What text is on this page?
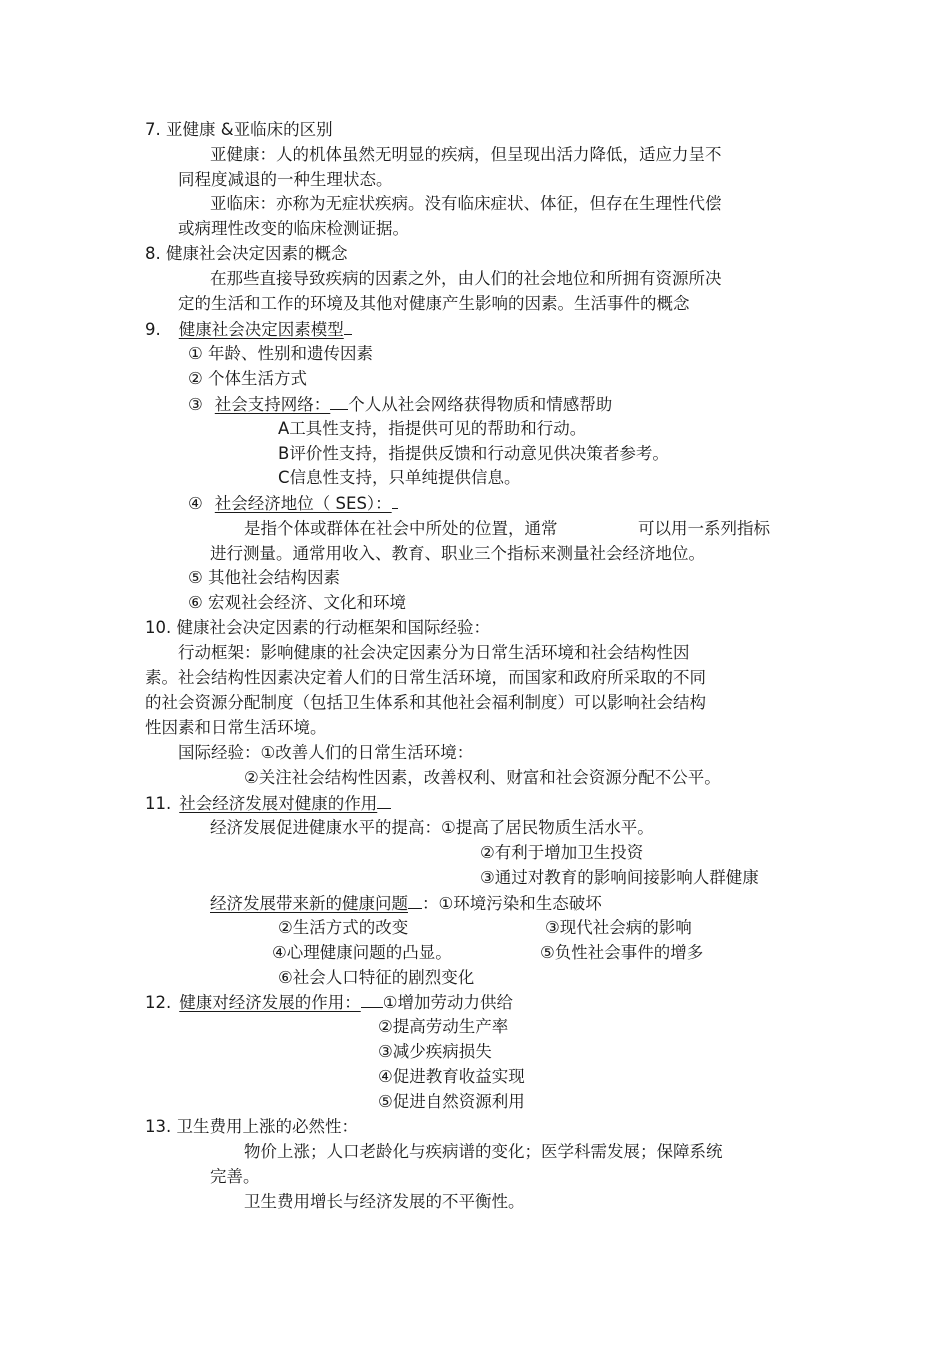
7. 亚健康 &亚临床的区别
亚健康：人的机体虽然无明显的疾病，但呈现出活力降低，适应力呈不
同程度减退的一种生理状态。
亚临床：亦称为无症状疾病。没有临床症状、体征，但存在生理性代偿
或病理性改变的临床检测证据。
8. 健康社会决定因素的概念
在那些直接导致疾病的因素之外，由人们的社会地位和所拥有资源所决
定的生活和工作的环境及其他对健康产生影响的因素。生活事件的概念
9. 健康社会决定因素模型
① 年龄、性别和遗传因素
② 个体生活方式
③ 社会支持网络： 个人从社会网络获得物质和情感帮助
A工具性支持，指提供可见的帮助和行动。
B评价性支持，指提供反馈和行动意见供决策者参考。
C信息性支持，只单纯提供信息。
④ 社会经济地位（ SES）：
是指个体或群体在社会中所处的位置，通常	可以用一系列指标
进行测量。通常用收入、教育、职业三个指标来测量社会经济地位。
⑤ 其他社会结构因素
⑥ 宏观社会经济、文化和环境
10. 健康社会决定因素的行动框架和国际经验：
行动框架：影响健康的社会决定因素分为日常生活环境和社会结构性因
素。社会结构性因素决定着人们的日常生活环境，而国家和政府所采取的不同
的社会资源分配制度（包括卫生体系和其他社会福利制度）可以影响社会结构
性因素和日常生活环境。
国际经验：①改善人们的日常生活环境：
②关注社会结构性因素，改善权利、财富和社会资源分配不公平。
11. 社会经济发展对健康的作用
经济发展促进健康水平的提高：①提高了居民物质生活水平。
②有利于增加卫生投资
③通过对教育的影响间接影响人群健康
经济发展带来新的健康问题 ：①环境污染和生态破坏
②生活方式的改变	③现代社会病的影响
④心理健康问题的凸显。	⑤负性社会事件的增多
⑥社会人口特征的剧烈变化
12. 健康对经济发展的作用： ①增加劳动力供给
②提高劳动生产率
③减少疾病损失
④促进教育收益实现
⑤促进自然资源利用
13. 卫生费用上涨的必然性：
物价上涨；人口老龄化与疾病谱的变化；医学科需发展；保障系统
完善。
卫生费用增长与经济发展的不平衡性。
